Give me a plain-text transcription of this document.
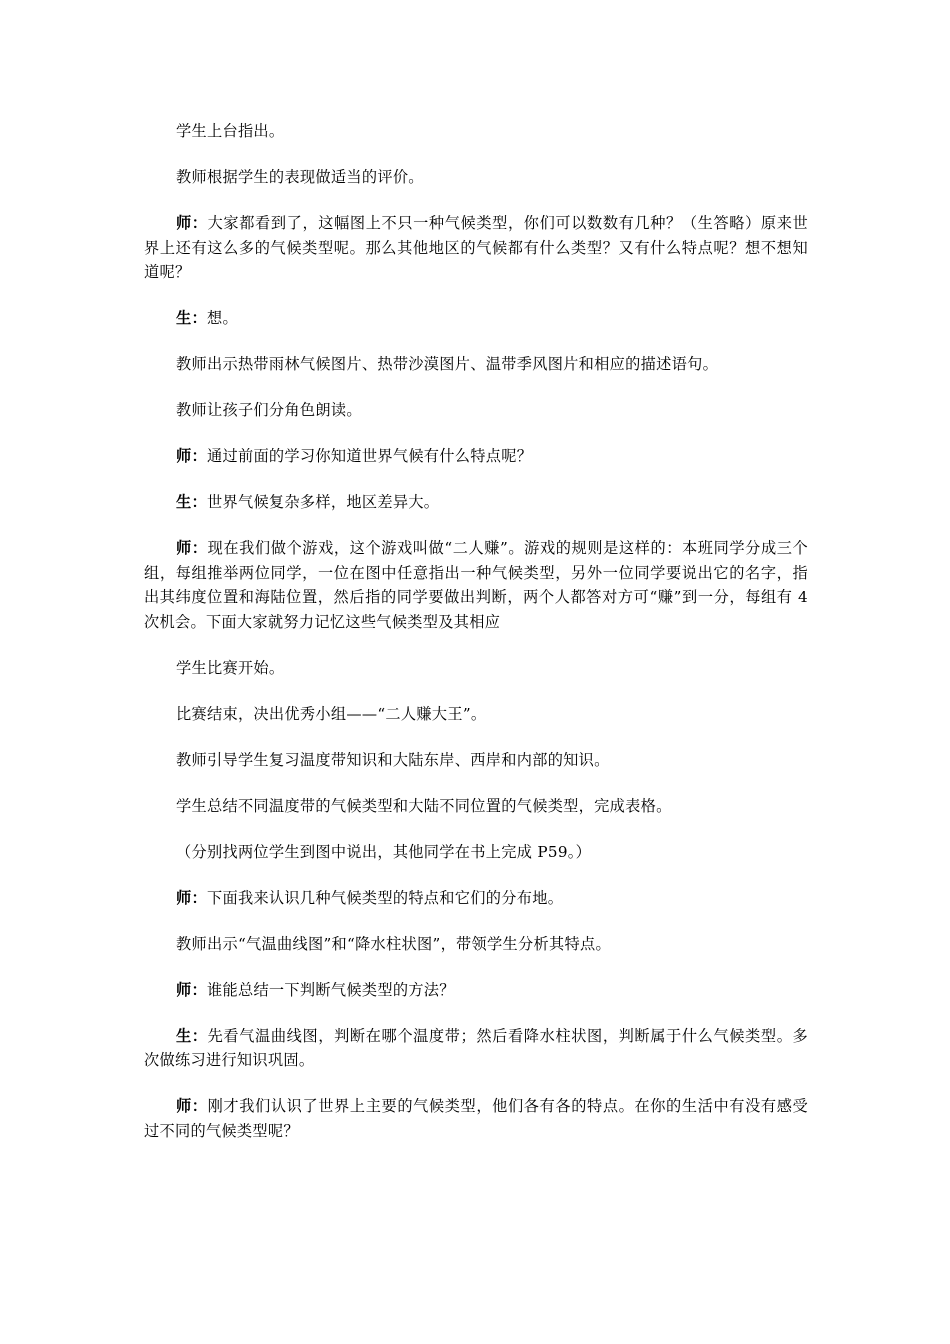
学生上台指出。

教师根据学生的表现做适当的评价。

师：大家都看到了，这幅图上不只一种气候类型，你们可以数数有几种？（生答略）原来世界上还有这么多的气候类型呢。那么其他地区的气候都有什么类型？又有什么特点呢？想不想知道呢？

生：想。

教师出示热带雨林气候图片、热带沙漠图片、温带季风图片和相应的描述语句。

教师让孩子们分角色朗读。

师：通过前面的学习你知道世界气候有什么特点呢？

生：世界气候复杂多样，地区差异大。

师：现在我们做个游戏，这个游戏叫做“二人赚”。游戏的规则是这样的：本班同学分成三个组，每组推举两位同学，一位在图中任意指出一种气候类型，另外一位同学要说出它的名字，指出其纬度位置和海陆位置，然后指的同学要做出判断，两个人都答对方可“赚”到一分，每组有 4 次机会。下面大家就努力记忆这些气候类型及其相应

学生比赛开始。

比赛结束，决出优秀小组——“二人赚大王”。

教师引导学生复习温度带知识和大陆东岸、西岸和内部的知识。

学生总结不同温度带的气候类型和大陆不同位置的气候类型，完成表格。

（分别找两位学生到图中说出，其他同学在书上完成 P59。）

师：下面我来认识几种气候类型的特点和它们的分布地。

教师出示“气温曲线图”和“降水柱状图”，带领学生分析其特点。

师：谁能总结一下判断气候类型的方法？

生：先看气温曲线图，判断在哪个温度带；然后看降水柱状图，判断属于什么气候类型。多次做练习进行知识巩固。

师：刚才我们认识了世界上主要的气候类型，他们各有各的特点。在你的生活中有没有感受过不同的气候类型呢？
